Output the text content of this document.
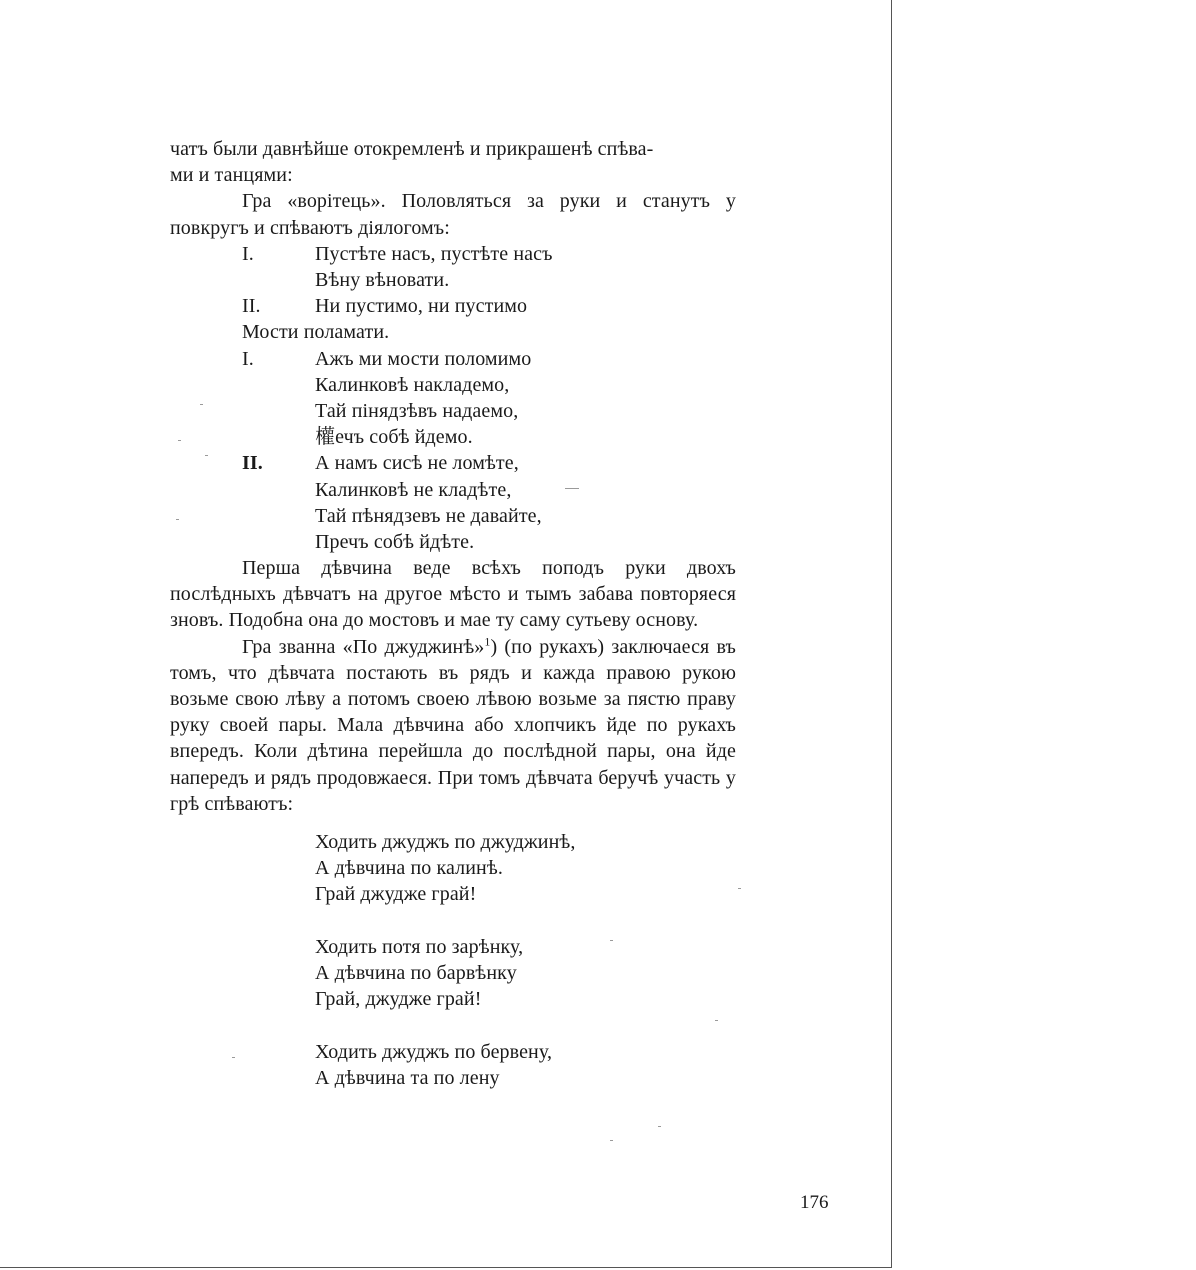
чатъ были давнѣйше отокремленѣ и прикрашенѣ спѣва-
ми и танцями:

Гра «ворітець». Половляться за руки и станутъ у повкругъ и спѣваютъ діялогомъ:

I.	Пустѣте насъ, пустѣте насъ
Вѣну вѣновати.
II.	Ни пустимо, ни пустимо
Мости поламати.
I.	Ажъ ми мости поломимо
Калинковѣ накладемо,
Тай пінядзѣвъ надаемо,
權ечъ собѣ йдемо.
II.	А намъ сисѣ не ломѣте,
Калинковѣ не кладѣте,
Тай пѣнядзевъ не давайте,
Пречъ собѣ йдѣте.

Перша дѣвчина веде всѣхъ поподъ руки двохъ послѣдныхъ дѣвчатъ на другое мѣсто и тымъ забава повторяеся зновъ. Подобна она до мостовъ и мае ту саму сутьеву основу.

Гра званна «По джуджинѣ»$^1$) (по рукахъ) заключаеся въ томъ, что дѣвчата постають въ рядъ и кажда правою рукою возьме свою лѣву а потомъ своею лѣвою возьме за пястю праву руку своей пары. Мала дѣвчина або хлопчикъ йде по рукахъ впередъ. Коли дѣтина перейшла до послѣдной пары, она йде напередъ и рядъ продовжаеся. При томъ дѣвчата беручѣ участь у грѣ спѣваютъ:

Ходить джуджъ по джуджинѣ,
А дѣвчина по калинѣ.
Грай джудже грай!
Ходить потя по зарѣнку,
А дѣвчина по барвѣнку
Грай, джудже грай!
Ходить джуджъ по бервену,
А дѣвчина та по лену
176
